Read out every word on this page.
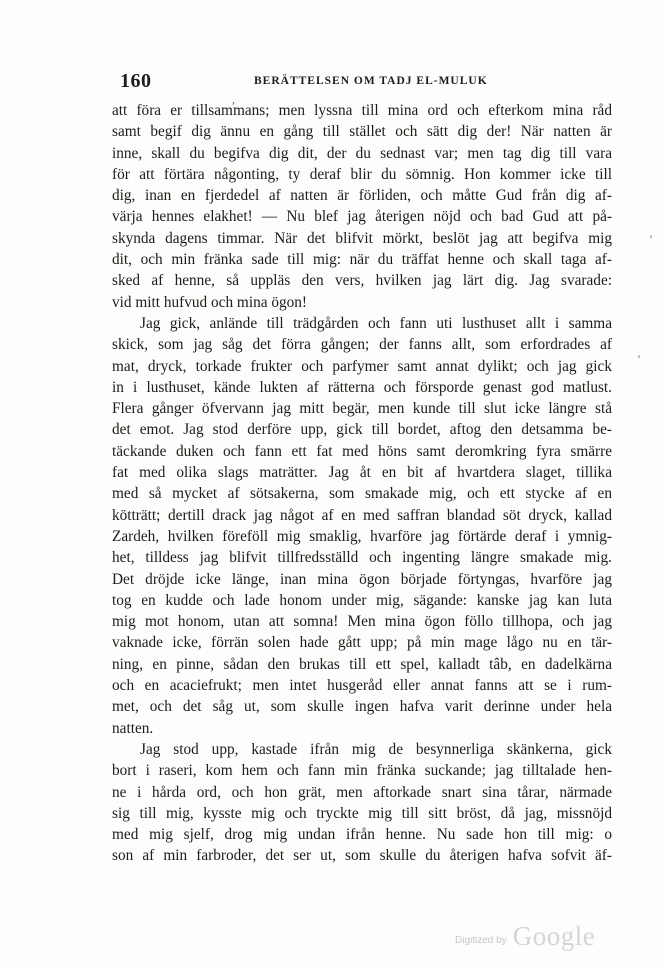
160	BERÄTTELSEN OM TADJ EL-MULUK
att föra er tillsammans; men lyssna till mina ord och efterkom mina råd
samt begif dig ännu en gång till stället och sätt dig der! När natten är
inne, skall du begifva dig dit, der du sednast var; men tag dig till vara
för att förtära någonting, ty deraf blir du sömnig. Hon kommer icke till
dig, inan en fjerdedel af natten är förliden, och måtte Gud från dig af-
värja hennes elakhet! — Nu blef jag återigen nöjd och bad Gud att på-
skynda dagens timmar. När det blifvit mörkt, beslöt jag att begifva mig
dit, och min fränka sade till mig: när du träffat henne och skall taga af-
sked af henne, så uppläs den vers, hvilken jag lärt dig. Jag svarade:
vid mitt hufvud och mina ögon!
Jag gick, anlände till trädgården och fann uti lusthuset allt i samma
skick, som jag såg det förra gången; der fanns allt, som erfordrades af
mat, dryck, torkade frukter och parfymer samt annat dylikt; och jag gick
in i lusthuset, kände lukten af rätterna och försporde genast god matlust.
Flera gånger öfvervann jag mitt begär, men kunde till slut icke längre stå
det emot. Jag stod derföre upp, gick till bordet, aftog den detsamma be-
täckande duken och fann ett fat med höns samt deromkring fyra smärre
fat med olika slags maträtter. Jag åt en bit af hvartdera slaget, tillika
med så mycket af sötsakerna, som smakade mig, och ett stycke af en
kötträtt; dertill drack jag något af en med saffran blandad söt dryck, kallad
Zardeh, hvilken föreföll mig smaklig, hvarföre jag förtärde deraf i ymnig-
het, tilldess jag blifvit tillfredsställd och ingenting längre smakade mig.
Det dröjde icke länge, inan mina ögon började förtyngas, hvarföre jag
tog en kudde och lade honom under mig, sägande: kanske jag kan luta
mig mot honom, utan att somna! Men mina ögon föllo tillhopa, och jag
vaknade icke, förrän solen hade gått upp; på min mage lågo nu en tär-
ning, en pinne, sådan den brukas till ett spel, kalladt tâb, en dadelkärna
och en acaciefrukt; men intet husgeråd eller annat fanns att se i rum-
met, och det såg ut, som skulle ingen hafva varit derinne under hela
natten.
Jag stod upp, kastade ifrån mig de besynnerliga skänkerna, gick
bort i raseri, kom hem och fann min fränka suckande; jag tilltalade hen-
ne i hårda ord, och hon grät, men aftorkade snart sina tårar, närmade
sig till mig, kysste mig och tryckte mig till sitt bröst, då jag, missnöjd
med mig sjelf, drog mig undan ifrån henne. Nu sade hon till mig: o
son af min farbroder, det ser ut, som skulle du återigen hafva sofvit äf-
,
'
'
Digitized by Google
